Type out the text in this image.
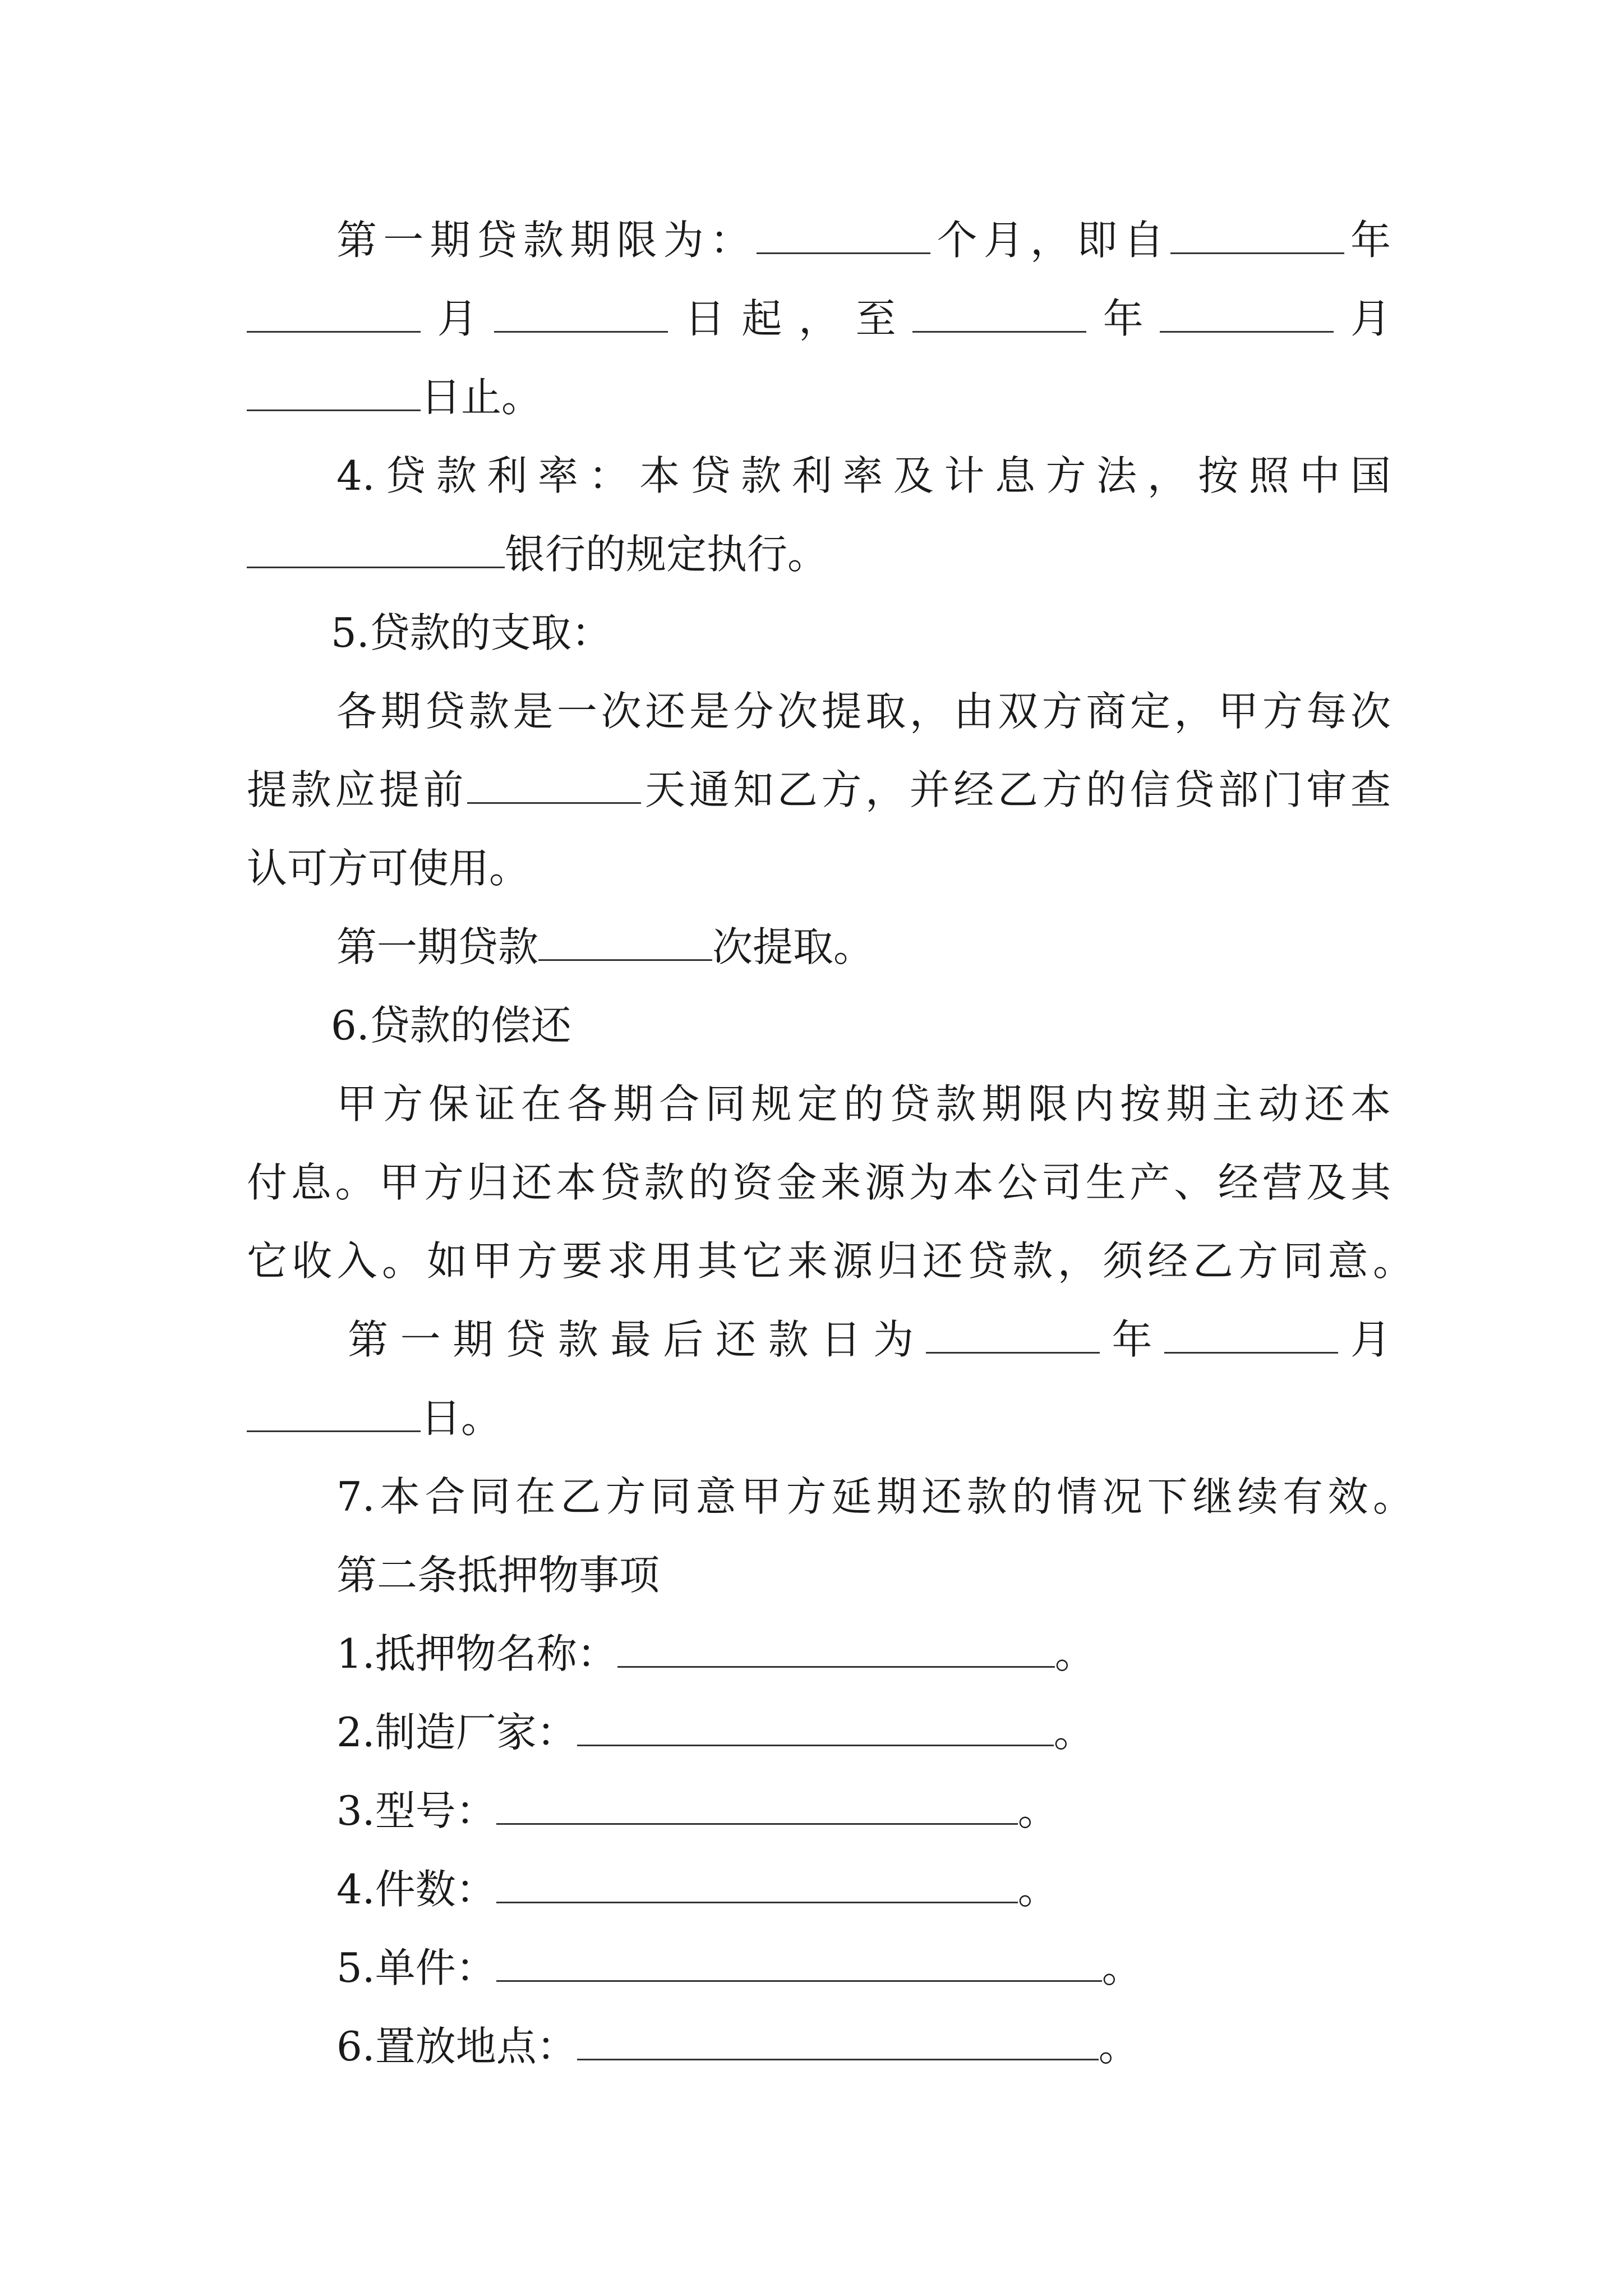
第一期贷款期限为：	个月，即自	年
月	日起，至	年	月
日止。
4.贷款利率：本贷款利率及计息方法，按照中国
银行的规定执行。
5.贷款的支取：
各期贷款是一次还是分次提取，由双方商定，甲方每次
提款应提前	天通知乙方，并经乙方的信贷部门审查
认可方可使用。
第一期贷款	次提取。
6.贷款的偿还
甲方保证在各期合同规定的贷款期限内按期主动还本
付息。甲方归还本贷款的资金来源为本公司生产、经营及其
它收入。如甲方要求用其它来源归还贷款，须经乙方同意。
第一期贷款最后还款日为	年	月
日。
7.本合同在乙方同意甲方延期还款的情况下继续有效。
第二条抵押物事项
1.抵押物名称：	。
2.制造厂家：	。
3.型号：	。
4.件数：	。
5.单件：	。
6.置放地点：	。
